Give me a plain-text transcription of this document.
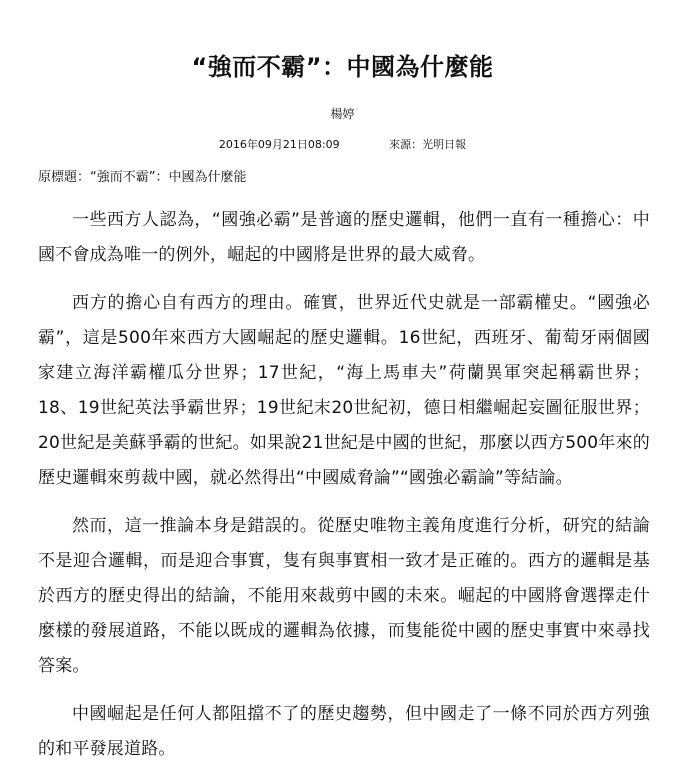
“強而不霸”：中國為什麼能
楊婷
2016年09月21日08:09	來源：光明日報
原標題：“強而不霸”：中國為什麼能

一些西方人認為，“國強必霸”是普適的歷史邏輯，他們一直有一種擔心：中國不會成為唯一的例外，崛起的中國將是世界的最大威脅。

西方的擔心自有西方的理由。確實，世界近代史就是一部霸權史。“國強必霸”，這是500年來西方大國崛起的歷史邏輯。16世紀，西班牙、葡萄牙兩個國家建立海洋霸權瓜分世界；17世紀，“海上馬車夫”荷蘭異軍突起稱霸世界；18、19世紀英法爭霸世界；19世紀末20世紀初，德日相繼崛起妄圖征服世界；20世紀是美蘇爭霸的世紀。如果說21世紀是中國的世紀，那麼以西方500年來的歷史邏輯來剪裁中國，就必然得出“中國威脅論”“國強必霸論”等結論。

然而，這一推論本身是錯誤的。從歷史唯物主義角度進行分析，研究的結論不是迎合邏輯，而是迎合事實，隻有與事實相一致才是正確的。西方的邏輯是基於西方的歷史得出的結論，不能用來裁剪中國的未來。崛起的中國將會選擇走什麼樣的發展道路，不能以既成的邏輯為依據，而隻能從中國的歷史事實中來尋找答案。

中國崛起是任何人都阻擋不了的歷史趨勢，但中國走了一條不同於西方列強的和平發展道路。
